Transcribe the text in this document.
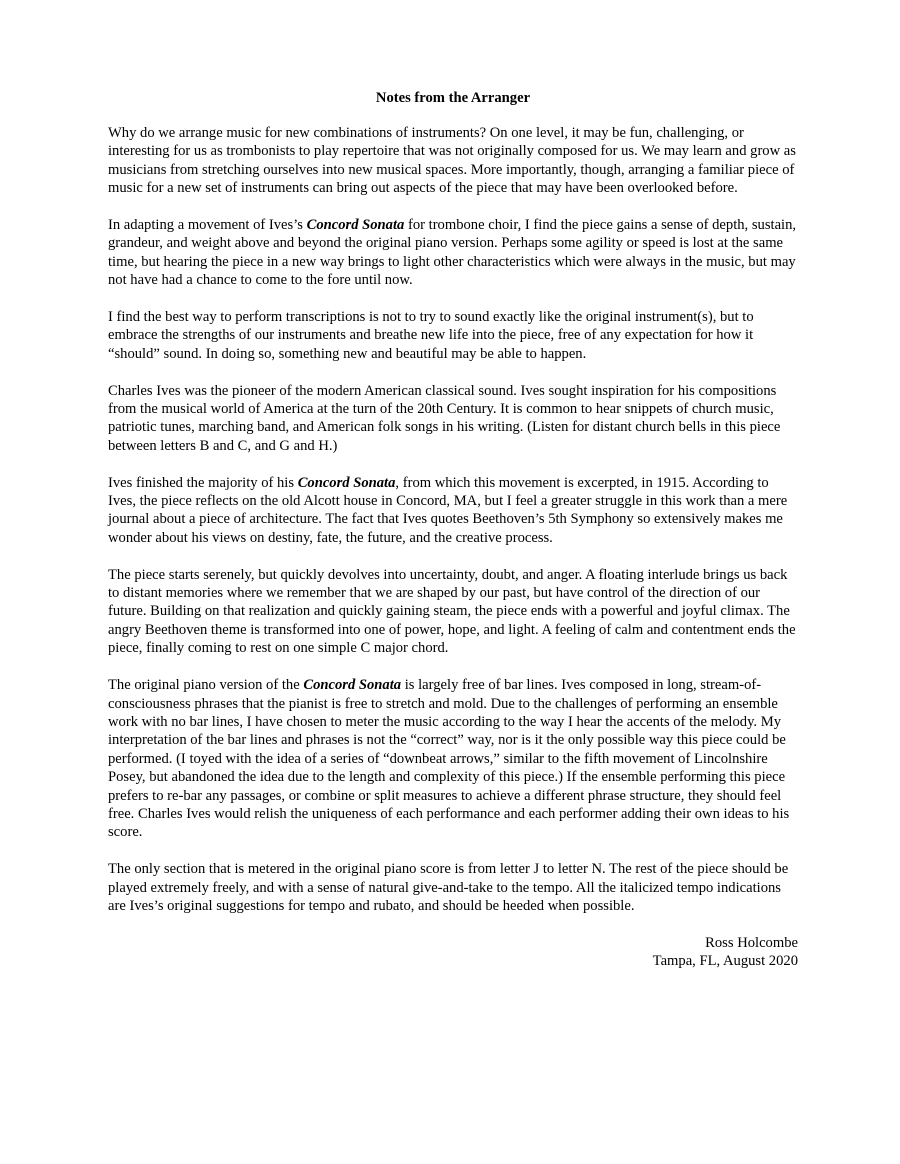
Notes from the Arranger

Why do we arrange music for new combinations of instruments? On one level, it may be fun, challenging, or interesting for us as trombonists to play repertoire that was not originally composed for us. We may learn and grow as musicians from stretching ourselves into new musical spaces. More importantly, though, arranging a familiar piece of music for a new set of instruments can bring out aspects of the piece that may have been overlooked before.

In adapting a movement of Ives’s Concord Sonata for trombone choir, I find the piece gains a sense of depth, sustain, grandeur, and weight above and beyond the original piano version. Perhaps some agility or speed is lost at the same time, but hearing the piece in a new way brings to light other characteristics which were always in the music, but may not have had a chance to come to the fore until now.

I find the best way to perform transcriptions is not to try to sound exactly like the original instrument(s), but to embrace the strengths of our instruments and breathe new life into the piece, free of any expectation for how it “should” sound. In doing so, something new and beautiful may be able to happen.

Charles Ives was the pioneer of the modern American classical sound. Ives sought inspiration for his compositions from the musical world of America at the turn of the 20th Century. It is common to hear snippets of church music, patriotic tunes, marching band, and American folk songs in his writing. (Listen for distant church bells in this piece between letters B and C, and G and H.)

Ives finished the majority of his Concord Sonata, from which this movement is excerpted, in 1915. According to Ives, the piece reflects on the old Alcott house in Concord, MA, but I feel a greater struggle in this work than a mere journal about a piece of architecture. The fact that Ives quotes Beethoven’s 5th Symphony so extensively makes me wonder about his views on destiny, fate, the future, and the creative process.

The piece starts serenely, but quickly devolves into uncertainty, doubt, and anger. A floating interlude brings us back to distant memories where we remember that we are shaped by our past, but have control of the direction of our future. Building on that realization and quickly gaining steam, the piece ends with a powerful and joyful climax. The angry Beethoven theme is transformed into one of power, hope, and light. A feeling of calm and contentment ends the piece, finally coming to rest on one simple C major chord.

The original piano version of the Concord Sonata is largely free of bar lines. Ives composed in long, stream-of-consciousness phrases that the pianist is free to stretch and mold. Due to the challenges of performing an ensemble work with no bar lines, I have chosen to meter the music according to the way I hear the accents of the melody. My interpretation of the bar lines and phrases is not the “correct” way, nor is it the only possible way this piece could be performed. (I toyed with the idea of a series of “downbeat arrows,” similar to the fifth movement of Lincolnshire Posey, but abandoned the idea due to the length and complexity of this piece.) If the ensemble performing this piece prefers to re-bar any passages, or combine or split measures to achieve a different phrase structure, they should feel free. Charles Ives would relish the uniqueness of each performance and each performer adding their own ideas to his score.

The only section that is metered in the original piano score is from letter J to letter N. The rest of the piece should be played extremely freely, and with a sense of natural give-and-take to the tempo. All the italicized tempo indications are Ives’s original suggestions for tempo and rubato, and should be heeded when possible.

Ross Holcombe
Tampa, FL, August 2020
